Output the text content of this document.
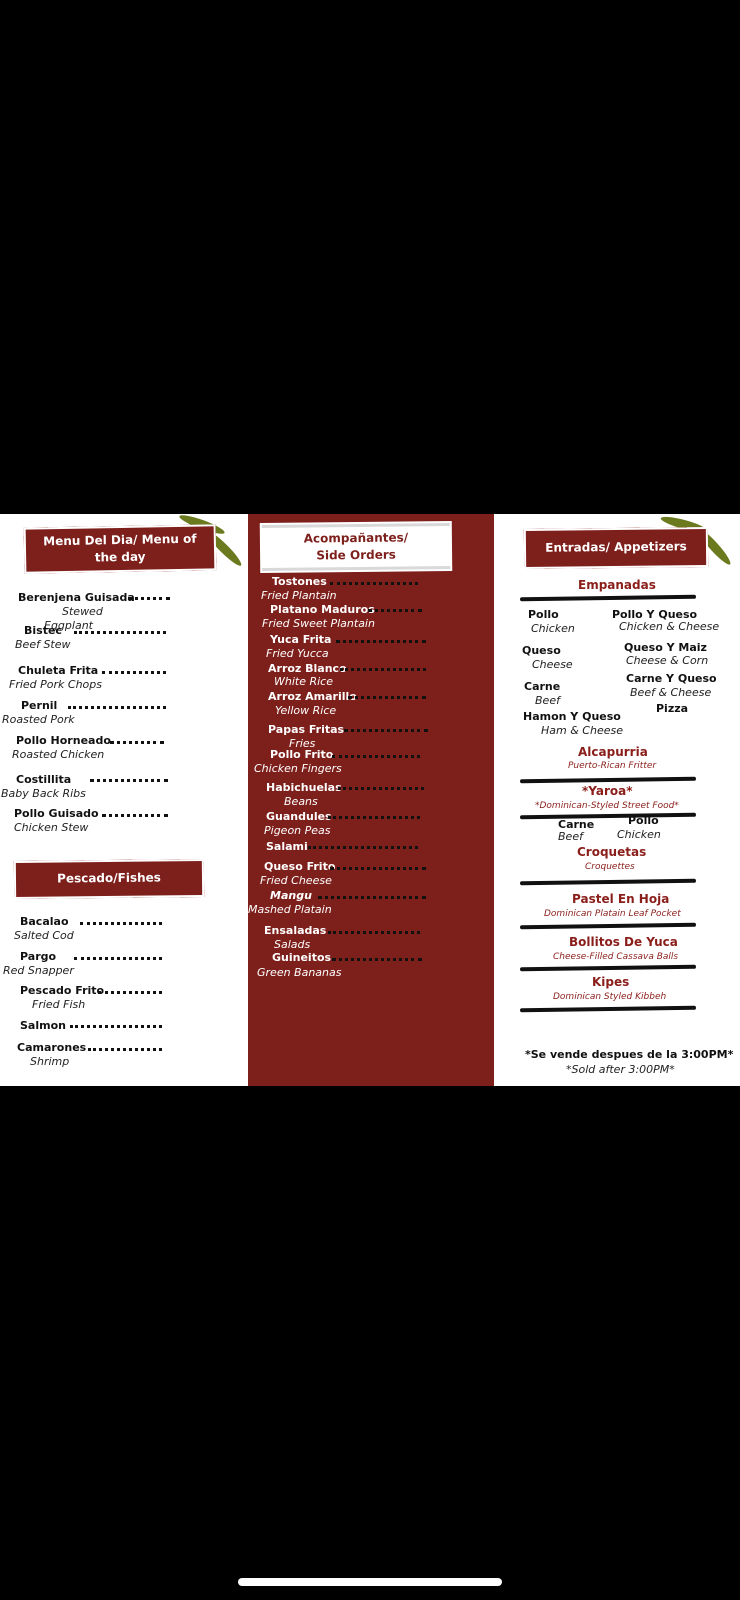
Menu Del Dia/ Menu of the day
Berenjena Guisada
Stewed
Eggplant
Bistec
Beef Stew
Chuleta Frita
Fried Pork Chops
Pernil
Roasted Pork
Pollo Horneado
Roasted Chicken
Costillita
Baby Back Ribs
Pollo Guisado
Chicken Stew
Pescado/Fishes
Bacalao
Salted Cod
Pargo
Red Snapper
Pescado Frito
Fried Fish
Salmon
Camarones
Shrimp
Acompañantes/
Side Orders
Tostones
Fried Plantain
Platano Maduros
Fried Sweet Plantain
Yuca Frita
Fried Yucca
Arroz Blanco
White Rice
Arroz Amarillo
Yellow Rice
Papas Fritas
Fries
Pollo Frito
Chicken Fingers
Habichuelas
Beans
Guandules
Pigeon Peas
Salami
Queso Frito
Fried Cheese
Mangu
Mashed Platain
Ensaladas
Salads
Guineitos
Green Bananas
Entradas/ Appetizers
Empanadas
Pollo
Chicken
Pollo Y Queso
Chicken & Cheese
Queso
Cheese
Queso Y Maiz
Cheese & Corn
Carne
Beef
Carne Y Queso
Beef & Cheese
Pizza
Hamon Y Queso
Ham & Cheese
Alcapurria
Puerto-Rican Fritter
*Yaroa*
*Dominican-Styled Street Food*
Carne
Beef
Pollo
Chicken
Croquetas
Croquettes
Pastel En Hoja
Dominican Platain Leaf Pocket
Bollitos De Yuca
Cheese-Filled Cassava Balls
Kipes
Dominican Styled Kibbeh
*Se vende despues de la 3:00PM*
*Sold after 3:00PM*
